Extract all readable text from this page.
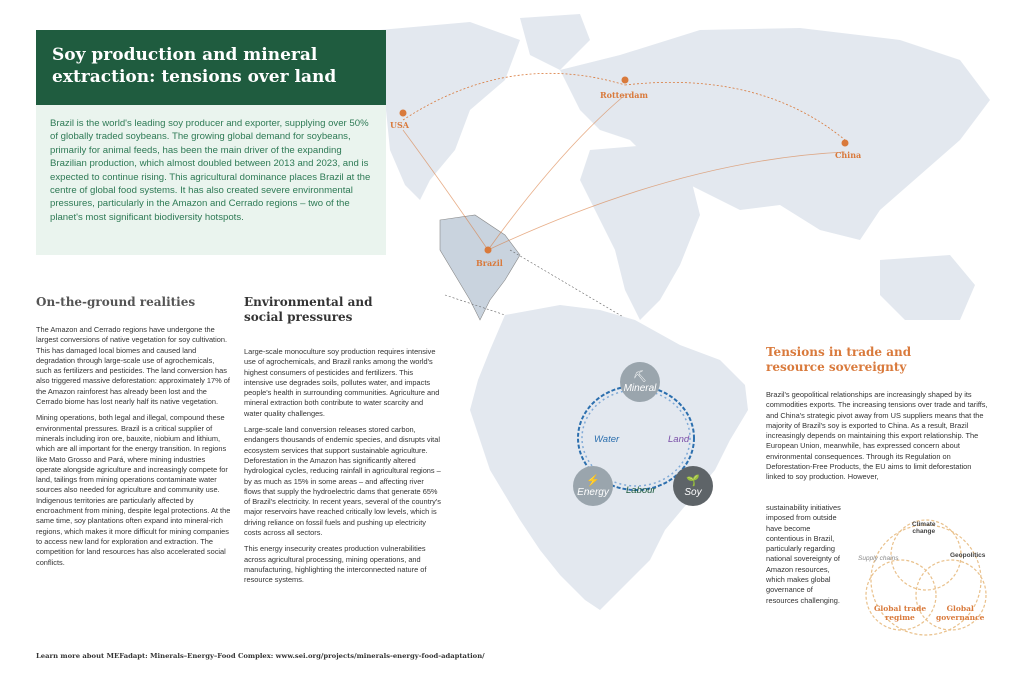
Soy production and mineral extraction: tensions over land
Brazil is the world's leading soy producer and exporter, supplying over 50% of globally traded soybeans. The growing global demand for soybeans, primarily for animal feeds, has been the main driver of the expanding Brazilian production, which almost doubled between 2013 and 2023, and is expected to continue rising. This agricultural dominance places Brazil at the centre of global food systems. It has also created severe environmental pressures, particularly in the Amazon and Cerrado regions – two of the planet's most significant biodiversity hotspots.
USA
Rotterdam
China
Brazil
⛏
Mineral
⚡
Energy
🌱
Soy
Water	Land
Labour
On-the-ground realities

The Amazon and Cerrado regions have undergone the largest conversions of native vegetation for soy cultivation. This has damaged local biomes and caused land degradation through large-scale use of agrochemicals, such as fertilizers and pesticides. The land conversion has also triggered massive deforestation: approximately 17% of the Amazon rainforest has already been lost and the Cerrado biome has lost nearly half its native vegetation.

Mining operations, both legal and illegal, compound these environmental pressures. Brazil is a critical supplier of minerals including iron ore, bauxite, niobium and lithium, which are all important for the energy transition. In regions like Mato Grosso and Pará, where mining industries operate alongside agriculture and increasingly compete for land, tailings from mining operations contaminate water sources also needed for agriculture and community use. Indigenous territories are particularly affected by encroachment from mining, despite legal protections. At the same time, soy plantations often expand into mineral-rich regions, which makes it more difficult for mining companies to access new land for exploration and extraction. The competition for land resources has also accelerated social conflicts.

Environmental and
social pressures

Large-scale monoculture soy production requires intensive use of agrochemicals, and Brazil ranks among the world's highest consumers of pesticides and fertilizers. This intensive use degrades soils, pollutes water, and impacts people's health in surrounding communities. Agriculture and mineral extraction both contribute to water scarcity and water quality challenges.

Large-scale land conversion releases stored carbon, endangers thousands of endemic species, and disrupts vital ecosystem services that support sustainable agriculture. Deforestation in the Amazon has significantly altered hydrological cycles, reducing rainfall in agricultural regions – by as much as 15% in some areas – and affecting river flows that supply the hydroelectric dams that generate 65% of Brazil's electricity. In recent years, several of the country's major reservoirs have reached critically low levels, which is driving reliance on fossil fuels and pushing up electricity costs across all sectors.

This energy insecurity creates production vulnerabilities across agricultural processing, mining operations, and manufacturing, highlighting the interconnected nature of resource systems.

Tensions in trade and
resource sovereignty

Brazil's geopolitical relationships are increasingly shaped by its commodities exports. The increasing tensions over trade and tariffs, and China's strategic pivot away from US suppliers means that the majority of Brazil's soy is exported to China. As a result, Brazil increasingly depends on maintaining this export relationship. The European Union, meanwhile, has expressed concern about environmental consequences. Through its Regulation on Deforestation-Free Products, the EU aims to limit deforestation linked to soy production. However,

sustainability initiatives
imposed from outside
have become
contentious in Brazil,
particularly regarding
national sovereignty of
Amazon resources,
which makes global
governance of
resources challenging.
Climate
change
Supply chains	Geopolitics
Global trade
regime
Global
governance
Learn more about MEFadapt: Minerals–Energy–Food Complex: www.sei.org/projects/minerals-energy-food-adaptation/
